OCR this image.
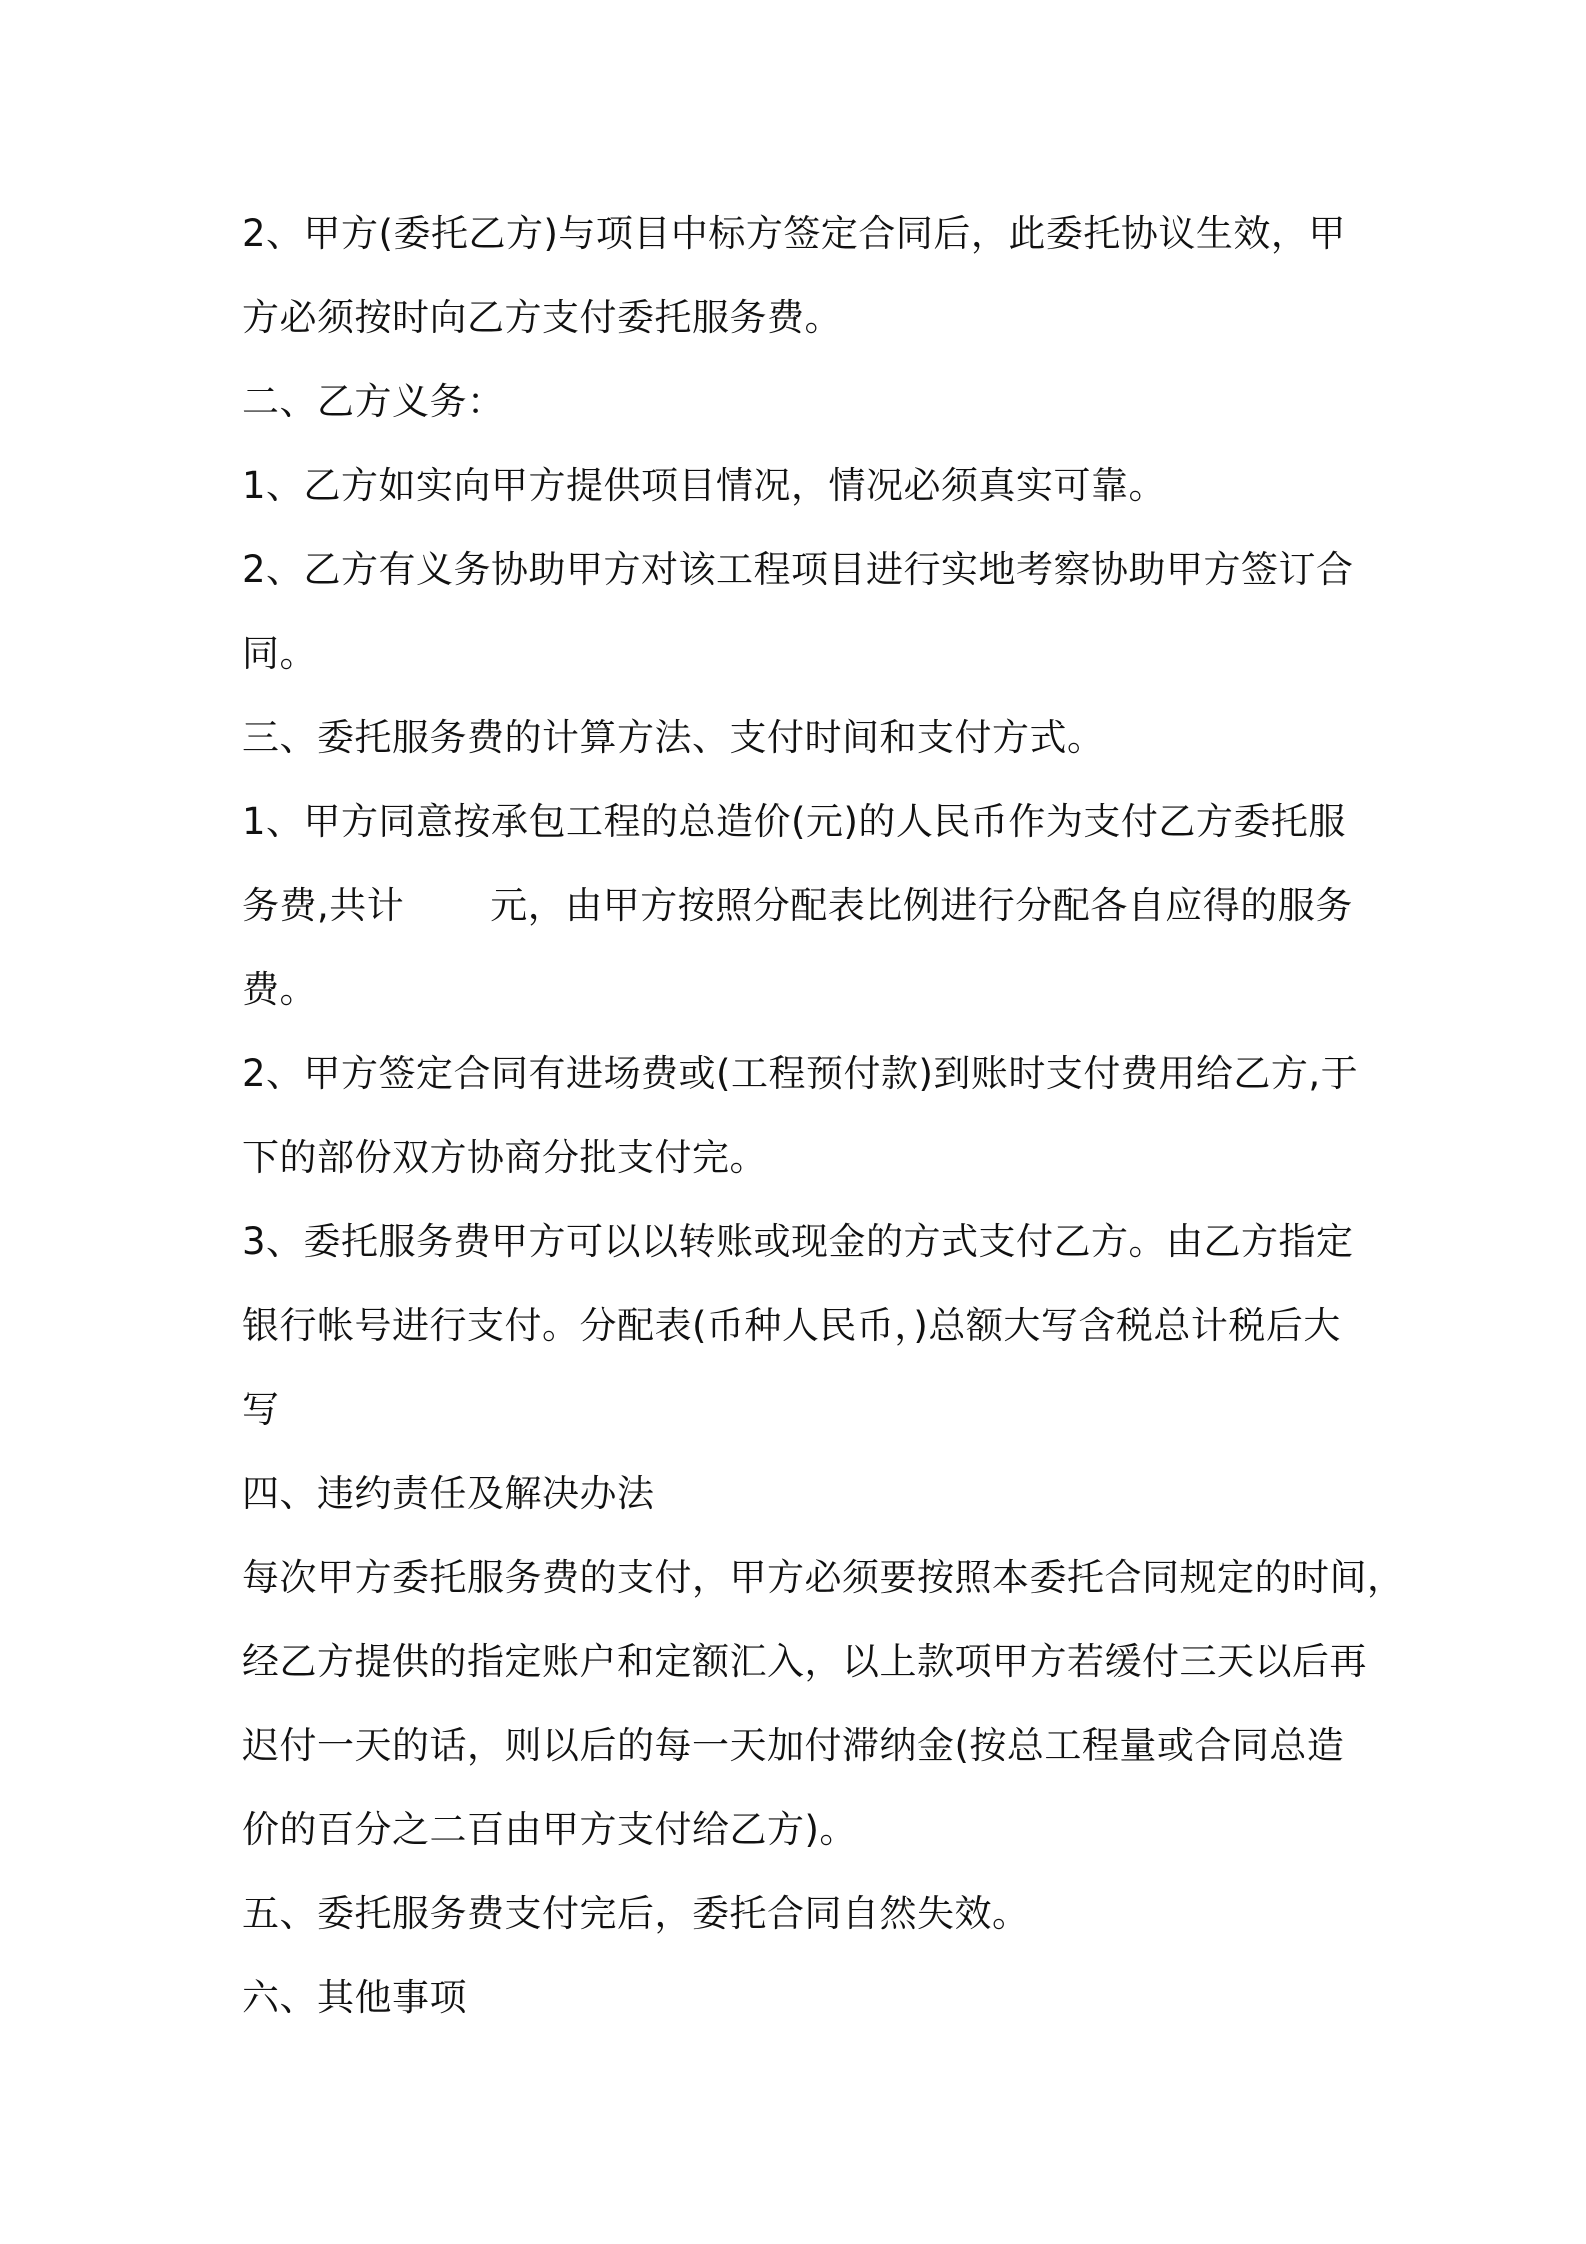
2、甲方(委托乙方)与项目中标方签定合同后，此委托协议生效，甲

方必须按时向乙方支付委托服务费。

二、乙方义务：

1、乙方如实向甲方提供项目情况，情况必须真实可靠。

2、乙方有义务协助甲方对该工程项目进行实地考察协助甲方签订合

同。

三、委托服务费的计算方法、支付时间和支付方式。

1、甲方同意按承包工程的总造价(元)的人民币作为支付乙方委托服

务费,共计 元，由甲方按照分配表比例进行分配各自应得的服务

费。

2、甲方签定合同有进场费或(工程预付款)到账时支付费用给乙方,于

下的部份双方协商分批支付完。

3、委托服务费甲方可以以转账或现金的方式支付乙方。由乙方指定

银行帐号进行支付。分配表(币种人民币，)总额大写含税总计税后大

写

四、违约责任及解决办法

每次甲方委托服务费的支付，甲方必须要按照本委托合同规定的时间，

经乙方提供的指定账户和定额汇入，以上款项甲方若缓付三天以后再

迟付一天的话，则以后的每一天加付滞纳金(按总工程量或合同总造

价的百分之二百由甲方支付给乙方)。

五、委托服务费支付完后，委托合同自然失效。

六、其他事项
